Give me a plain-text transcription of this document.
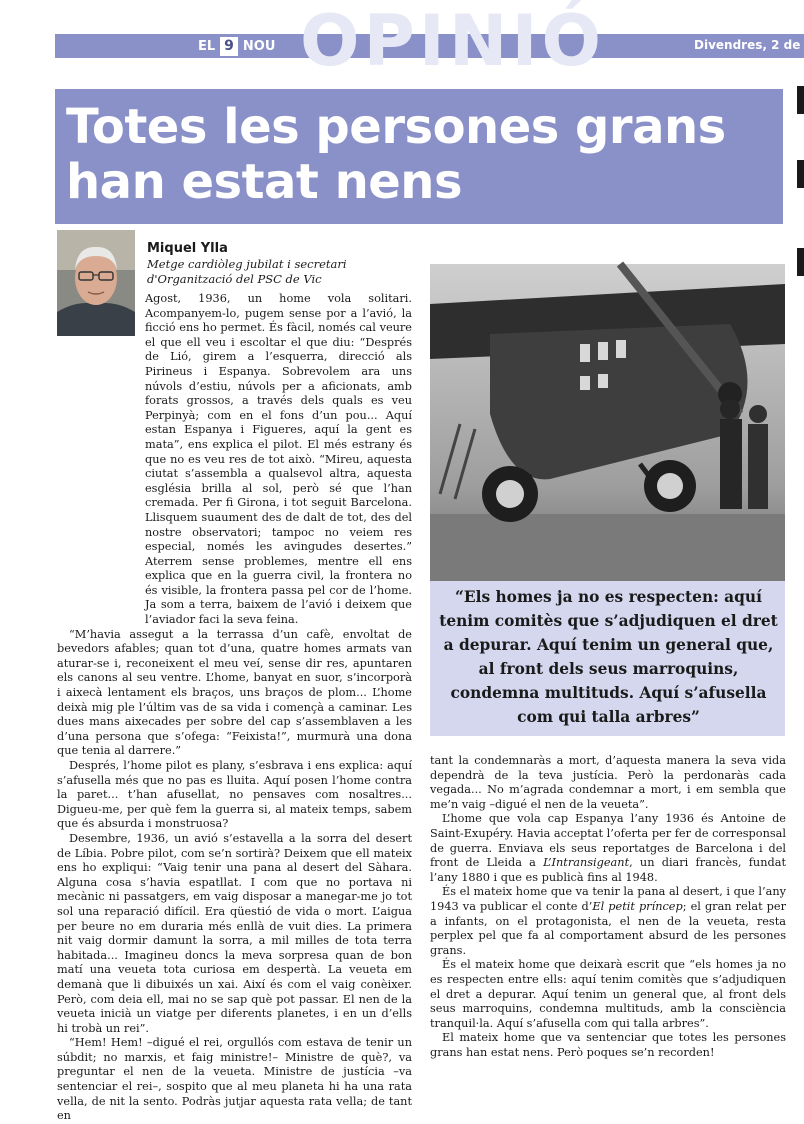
OPINIÓ
EL 9 NOU	Divendres, 2 de
Totes les persones grans
han estat nens
Miquel Ylla
Metge cardiòleg jubilat i secretari
d'Organització del PSC de Vic
“Els homes ja no es respecten: aquí tenim comitès que s’adjudiquen el dret a depurar. Aquí tenim un general que, al front dels seus marroquins, condemna multituds. Aquí s’afusella com qui talla arbres”

Agost, 1936, un home vola solitari. Acompanyem-lo, pugem sense por a l’avió, la ficció ens ho permet. És fàcil, només cal veure el que ell veu i escoltar el que diu: “Després de Lió, girem a l’esquerra, direcció als Pirineus i Espanya. Sobrevolem ara uns núvols d’estiu, núvols per a aficionats, amb forats grossos, a través dels quals es veu Perpinyà; com en el fons d’un pou... Aquí estan Espanya i Figueres, aquí la gent es mata”, ens explica el pilot. El més estrany és que no es veu res de tot això. “Mireu, aquesta ciutat s’assembla a qualsevol altra, aquesta església brilla al sol, però sé que l’han cremada. Per fi Girona, i tot seguit Barcelona. Llisquem suaument des de dalt de tot, des del nostre observatori; tampoc no veiem res especial, només les avingudes desertes.” Aterrem sense problemes, mentre ell ens explica que en la guerra civil, la frontera no és visible, la frontera passa pel cor de l’home. Ja som a terra, baixem de l’avió i deixem que l’aviador faci la seva feina.

“M’havia assegut a la terrassa d’un cafè, envoltat de bevedors afables; quan tot d’una, quatre homes armats van aturar-se i, reconeixent el meu veí, sense dir res, apuntaren els canons al seu ventre. L’home, banyat en suor, s’incorporà i aixecà lentament els braços, uns braços de plom... L’home deixà mig ple l’últim vas de sa vida i començà a caminar. Les dues mans aixecades per sobre del cap s’assemblaven a les d’una persona que s’ofega: “Feixista!”, murmurà una dona que tenia al darrere.”

Després, l’home pilot es plany, s’esbrava i ens explica: aquí s’afusella més que no pas es lluita. Aquí posen l’home contra la paret... t’han afusellat, no pensaves com nosaltres... Digueu-me, per què fem la guerra si, al mateix temps, sabem que és absurda i monstruosa?

Desembre, 1936, un avió s’estavella a la sorra del desert de Líbia. Pobre pilot, com se’n sortirà? Deixem que ell mateix ens ho expliqui: “Vaig tenir una pana al desert del Sàhara. Alguna cosa s’havia espatllat. I com que no portava ni mecànic ni passatgers, em vaig disposar a manegar-me jo tot sol una reparació difícil. Era qüestió de vida o mort. L’aigua per beure no em duraria més enllà de vuit dies. La primera nit vaig dormir damunt la sorra, a mil milles de tota terra habitada... Imagineu doncs la meva sorpresa quan de bon matí una veueta tota curiosa em despertà. La veueta em demanà que li dibuixés un xai. Així és com el vaig conèixer. Però, com deia ell, mai no se sap què pot passar. El nen de la veueta inicià un viatge per diferents planetes, i en un d’ells hi trobà un rei”.

“Hem! Hem! –digué el rei, orgullós com estava de tenir un súbdit; no marxis, et faig ministre!– Ministre de què?, va preguntar el nen de la veueta. Ministre de justícia –va sentenciar el rei–, sospito que al meu planeta hi ha una rata vella, de nit la sento. Podràs jutjar aquesta rata vella; de tant en

tant la condemnaràs a mort, d’aquesta manera la seva vida dependrà de la teva justícia. Però la perdonaràs cada vegada... No m’agrada condemnar a mort, i em sembla que me’n vaig –digué el nen de la veueta”.

L’home que vola cap Espanya l’any 1936 és Antoine de Saint-Exupéry. Havia acceptat l’oferta per fer de corresponsal de guerra. Enviava els seus reportatges de Barcelona i del front de Lleida a L’Intransigeant, un diari francès, fundat l’any 1880 i que es publicà fins al 1948.

És el mateix home que va tenir la pana al desert, i que l’any 1943 va publicar el conte d’El petit príncep; el gran relat per a infants, on el protagonista, el nen de la veueta, resta perplex pel que fa al comportament absurd de les persones grans.

És el mateix home que deixarà escrit que “els homes ja no es respecten entre ells: aquí tenim comitès que s’adjudiquen el dret a depurar. Aquí tenim un general que, al front dels seus marroquins, condemna multituds, amb la consciència tranquil·la. Aquí s’afusella com qui talla arbres”.

El mateix home que va sentenciar que totes les persones grans han estat nens. Però poques se’n recorden!
